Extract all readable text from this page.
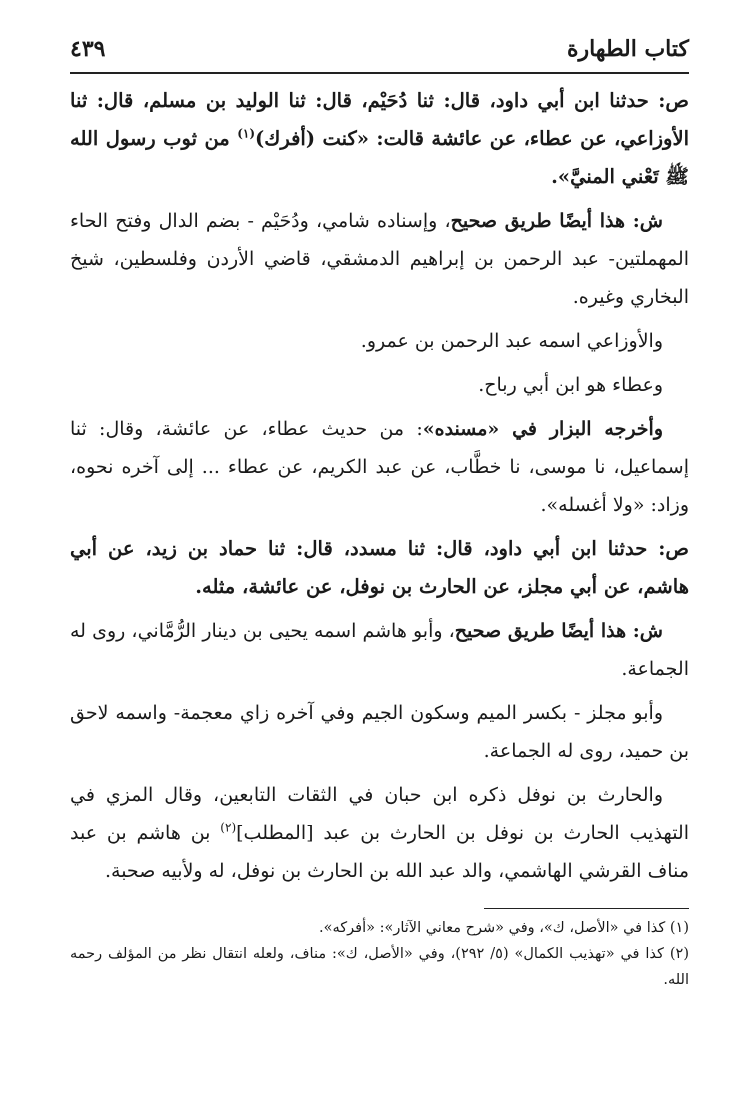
كتاب الطهارة
٤٣٩

ص: حدثنا ابن أبي داود، قال: ثنا دُحَيْم، قال: ثنا الوليد بن مسلم، قال: ثنا الأوزاعي، عن عطاء، عن عائشة قالت: «كنت (أفرك)$^{(١)}$ من ثوب رسول الله ﷺ تَعْني المنيَّ».

ش: هذا أيضًا طريق صحيح، وإسناده شامي، ودُحَيْم - بضم الدال وفتح الحاء المهملتين- عبد الرحمن بن إبراهيم الدمشقي، قاضي الأردن وفلسطين، شيخ البخاري وغيره.

والأوزاعي اسمه عبد الرحمن بن عمرو.

وعطاء هو ابن أبي رباح.

وأخرجه البزار في «مسنده»: من حديث عطاء، عن عائشة، وقال: ثنا إسماعيل، نا موسى، نا خطَّاب، عن عبد الكريم، عن عطاء ... إلى آخره نحوه، وزاد: «ولا أغسله».

ص: حدثنا ابن أبي داود، قال: ثنا مسدد، قال: ثنا حماد بن زيد، عن أبي هاشم، عن أبي مجلز، عن الحارث بن نوفل، عن عائشة، مثله.

ش: هذا أيضًا طريق صحيح، وأبو هاشم اسمه يحيى بن دينار الرُّمَّاني، روى له الجماعة.

وأبو مجلز - بكسر الميم وسكون الجيم وفي آخره زاي معجمة- واسمه لاحق بن حميد، روى له الجماعة.

والحارث بن نوفل ذكره ابن حبان في الثقات التابعين، وقال المزي في التهذيب الحارث بن نوفل بن الحارث بن عبد [المطلب]$^{(٢)}$ بن هاشم بن عبد مناف القرشي الهاشمي، والد عبد الله بن الحارث بن نوفل، له ولأبيه صحبة.

(١) كذا في «الأصل، ك»، وفي «شرح معاني الآثار»: «أفركه».

(٢) كذا في «تهذيب الكمال» (٥/ ٢٩٢)، وفي «الأصل، ك»: مناف، ولعله انتقال نظر من المؤلف رحمه الله.
